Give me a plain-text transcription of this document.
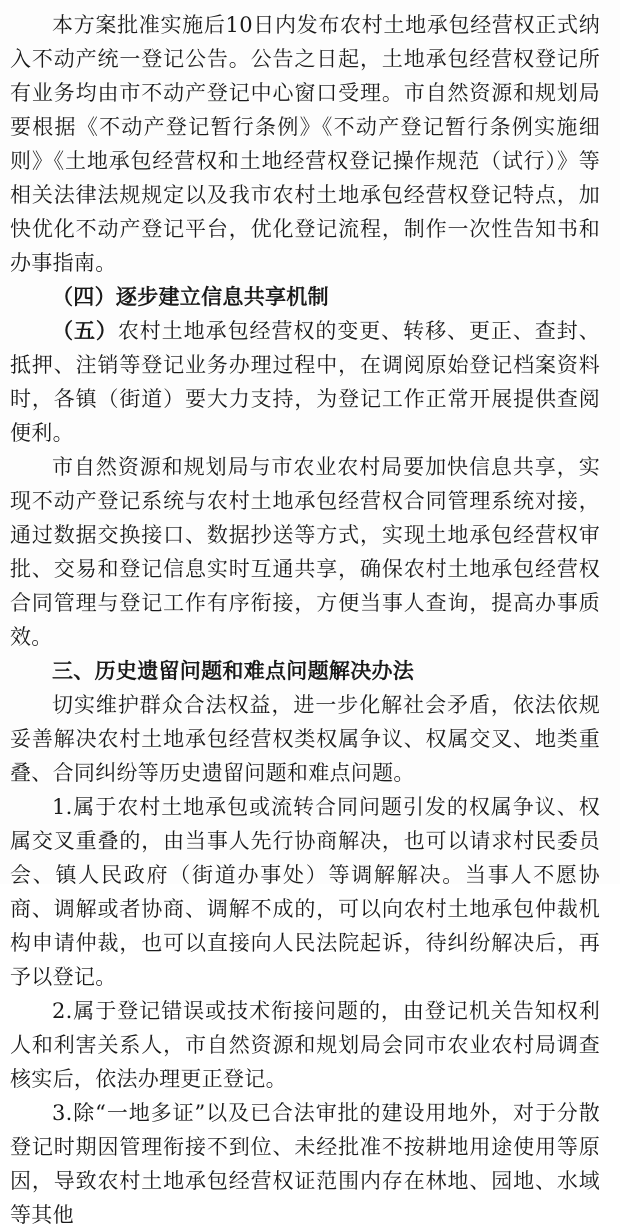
本方案批准实施后10日内发布农村土地承包经营权正式纳入不动产统一登记公告。公告之日起，土地承包经营权登记所有业务均由市不动产登记中心窗口受理。市自然资源和规划局要根据《不动产登记暂行条例》《不动产登记暂行条例实施细则》《土地承包经营权和土地经营权登记操作规范（试行）》等相关法律法规规定以及我市农村土地承包经营权登记特点，加快优化不动产登记平台，优化登记流程，制作一次性告知书和办事指南。

（四）逐步建立信息共享机制

（五）农村土地承包经营权的变更、转移、更正、查封、抵押、注销等登记业务办理过程中，在调阅原始登记档案资料时，各镇（街道）要大力支持，为登记工作正常开展提供查阅便利。

市自然资源和规划局与市农业农村局要加快信息共享，实现不动产登记系统与农村土地承包经营权合同管理系统对接，通过数据交换接口、数据抄送等方式，实现土地承包经营权审批、交易和登记信息实时互通共享，确保农村土地承包经营权合同管理与登记工作有序衔接，方便当事人查询，提高办事质效。

三、历史遗留问题和难点问题解决办法

切实维护群众合法权益，进一步化解社会矛盾，依法依规妥善解决农村土地承包经营权类权属争议、权属交叉、地类重叠、合同纠纷等历史遗留问题和难点问题。

1.属于农村土地承包或流转合同问题引发的权属争议、权属交叉重叠的，由当事人先行协商解决，也可以请求村民委员会、镇人民政府（街道办事处）等调解解决。当事人不愿协商、调解或者协商、调解不成的，可以向农村土地承包仲裁机构申请仲裁，也可以直接向人民法院起诉，待纠纷解决后，再予以登记。

2.属于登记错误或技术衔接问题的，由登记机关告知权利人和利害关系人，市自然资源和规划局会同市农业农村局调查核实后，依法办理更正登记。

3.除“一地多证”以及已合法审批的建设用地外，对于分散登记时期因管理衔接不到位、未经批准不按耕地用途使用等原因，导致农村土地承包经营权证范围内存在林地、园地、水域等其他
